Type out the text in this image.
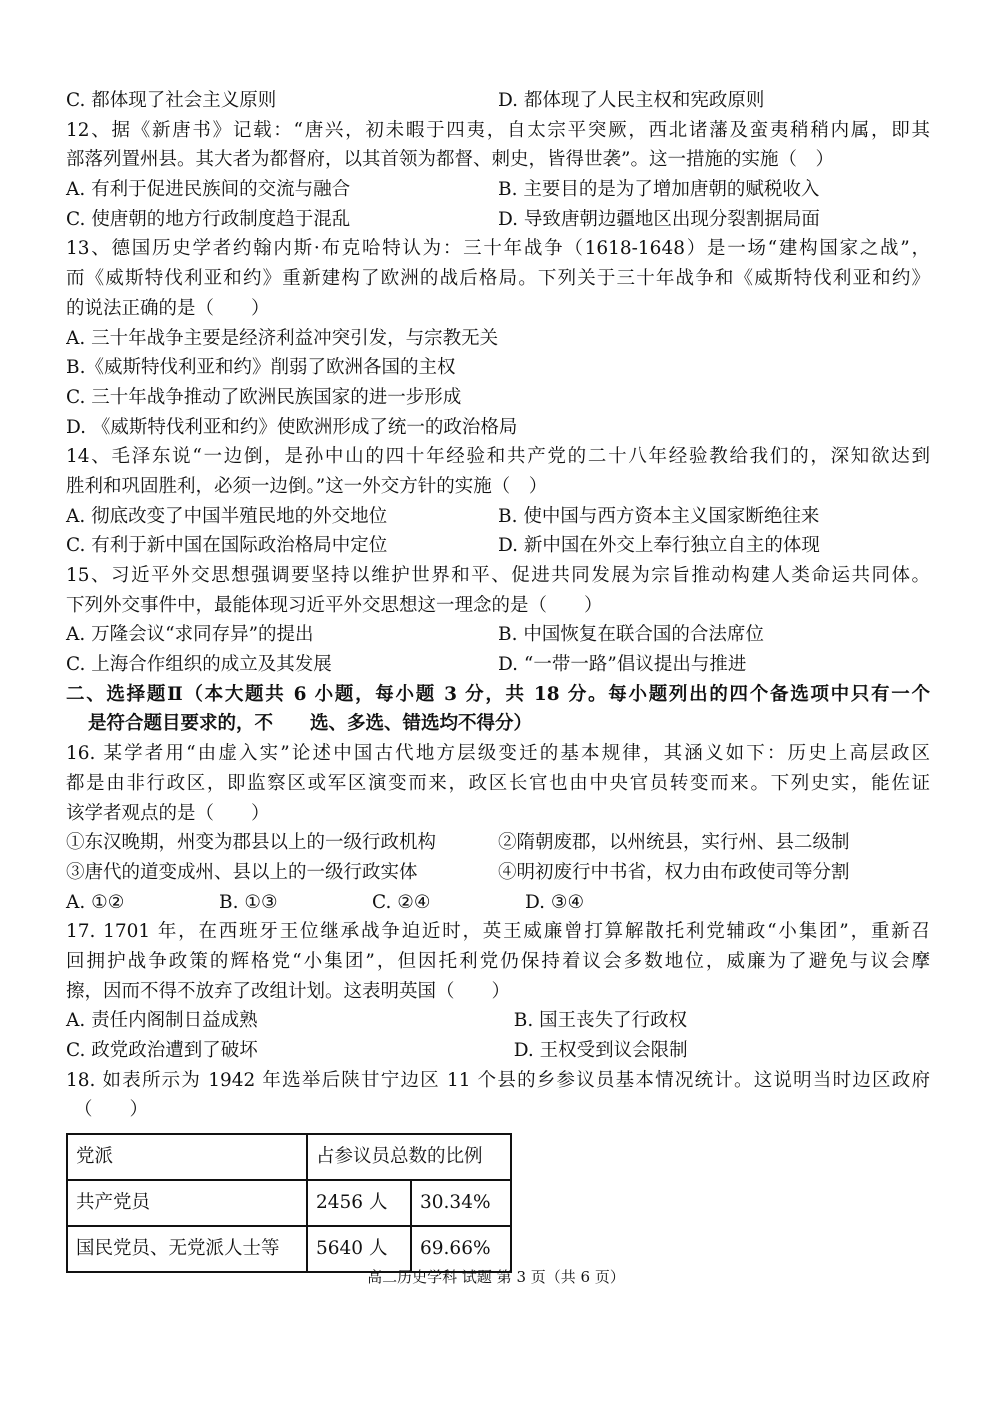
C. 都体现了社会主义原则	D. 都体现了人民主权和宪政原则
12、据《新唐书》记载：“唐兴，初未暇于四夷，自太宗平突厥，西北诸藩及蛮夷稍稍内属，即其
部落列置州县。其大者为都督府，以其首领为都督、刺史，皆得世袭”。这一措施的实施（　）
A. 有利于促进民族间的交流与融合	B. 主要目的是为了增加唐朝的赋税收入
C. 使唐朝的地方行政制度趋于混乱	D. 导致唐朝边疆地区出现分裂割据局面
13、德国历史学者约翰内斯·布克哈特认为：三十年战争（1618-1648）是一场“建构国家之战”，
而《威斯特伐利亚和约》重新建构了欧洲的战后格局。下列关于三十年战争和《威斯特伐利亚和约》
的说法正确的是（　　）
A. 三十年战争主要是经济利益冲突引发，与宗教无关
B.《威斯特伐利亚和约》削弱了欧洲各国的主权
C. 三十年战争推动了欧洲民族国家的进一步形成
D. 《威斯特伐利亚和约》使欧洲形成了统一的政治格局
14、毛泽东说“一边倒，是孙中山的四十年经验和共产党的二十八年经验教给我们的，深知欲达到
胜利和巩固胜利，必须一边倒。”这一外交方针的实施（　）
A. 彻底改变了中国半殖民地的外交地位	B. 使中国与西方资本主义国家断绝往来
C. 有利于新中国在国际政治格局中定位	D. 新中国在外交上奉行独立自主的体现
15、习近平外交思想强调要坚持以维护世界和平、促进共同发展为宗旨推动构建人类命运共同体。
下列外交事件中，最能体现习近平外交思想这一理念的是（　　）
A. 万隆会议“求同存异”的提出	B. 中国恢复在联合国的合法席位
C. 上海合作组织的成立及其发展	D. “一带一路”倡议提出与推进
二、选择题Ⅱ（本大题共 6 小题，每小题 3 分，共 18 分。每小题列出的四个备选项中只有一个
是符合题目要求的，不　　选、多选、错选均不得分）
16. 某学者用“由虚入实”论述中国古代地方层级变迁的基本规律，其涵义如下：历史上高层政区
都是由非行政区，即监察区或军区演变而来，政区长官也由中央官员转变而来。下列史实，能佐证
该学者观点的是（　　）
①东汉晚期，州变为郡县以上的一级行政机构	②隋朝废郡，以州统县，实行州、县二级制
③唐代的道变成州、县以上的一级行政实体	④明初废行中书省，权力由布政使司等分割
A. ①②	B. ①③	C. ②④	D. ③④
17. 1701 年，在西班牙王位继承战争迫近时，英王威廉曾打算解散托利党辅政“小集团”，重新召
回拥护战争政策的辉格党“小集团”，但因托利党仍保持着议会多数地位，威廉为了避免与议会摩
擦，因而不得不放弃了改组计划。这表明英国（　　）
A. 责任内阁制日益成熟	B. 国王丧失了行政权
C. 政党政治遭到了破坏	D. 王权受到议会限制
18. 如表所示为 1942 年选举后陕甘宁边区 11 个县的乡参议员基本情况统计。这说明当时边区政府
（　　）
党派	占参议员总数的比例	
共产党员	2456 人	30.34%
国民党员、无党派人士等	5640 人	69.66%
高二历史学科 试题 第 3 页（共 6 页）
